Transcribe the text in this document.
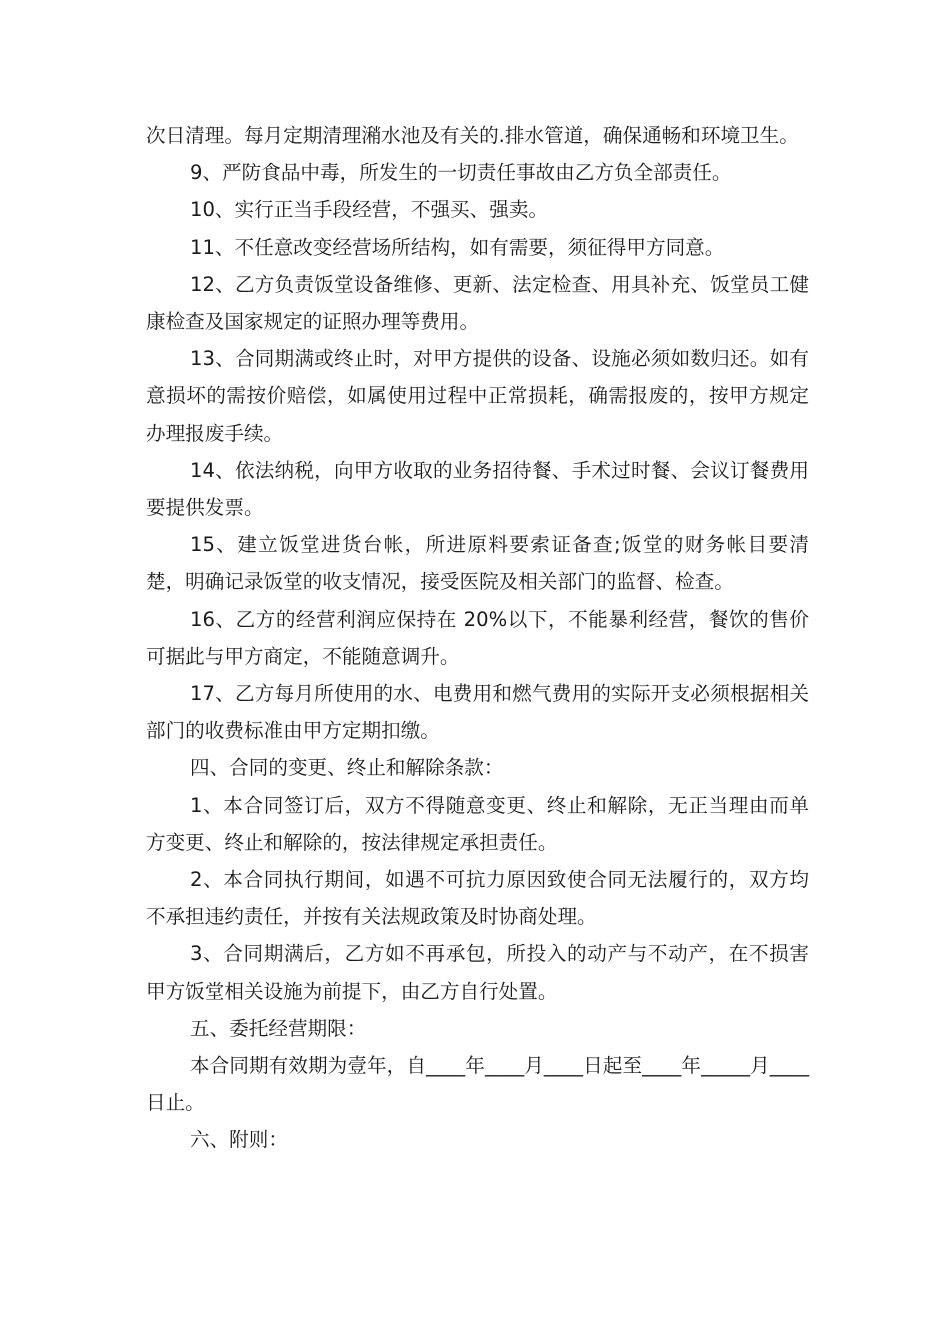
次日清理。每月定期清理潲水池及有关的.排水管道，确保通畅和环境卫生。

9、严防食品中毒，所发生的一切责任事故由乙方负全部责任。

10、实行正当手段经营，不强买、强卖。

11、不任意改变经营场所结构，如有需要，须征得甲方同意。

12、乙方负责饭堂设备维修、更新、法定检查、用具补充、饭堂员工健康检查及国家规定的证照办理等费用。

13、合同期满或终止时，对甲方提供的设备、设施必须如数归还。如有意损坏的需按价赔偿，如属使用过程中正常损耗，确需报废的，按甲方规定办理报废手续。

14、依法纳税，向甲方收取的业务招待餐、手术过时餐、会议订餐费用要提供发票。

15、建立饭堂进货台帐，所进原料要索证备查;饭堂的财务帐目要清楚，明确记录饭堂的收支情况，接受医院及相关部门的监督、检查。

16、乙方的经营利润应保持在 20%以下，不能暴利经营，餐饮的售价可据此与甲方商定，不能随意调升。

17、乙方每月所使用的水、电费用和燃气费用的实际开支必须根据相关部门的收费标准由甲方定期扣缴。

四、合同的变更、终止和解除条款：

1、本合同签订后，双方不得随意变更、终止和解除，无正当理由而单方变更、终止和解除的，按法律规定承担责任。

2、本合同执行期间，如遇不可抗力原因致使合同无法履行的，双方均不承担违约责任，并按有关法规政策及时协商处理。

3、合同期满后，乙方如不再承包，所投入的动产与不动产，在不损害甲方饭堂相关设施为前提下，由乙方自行处置。

五、委托经营期限：

本合同期有效期为壹年，自____年____月____日起至____年_____月____日止。

六、附则：
